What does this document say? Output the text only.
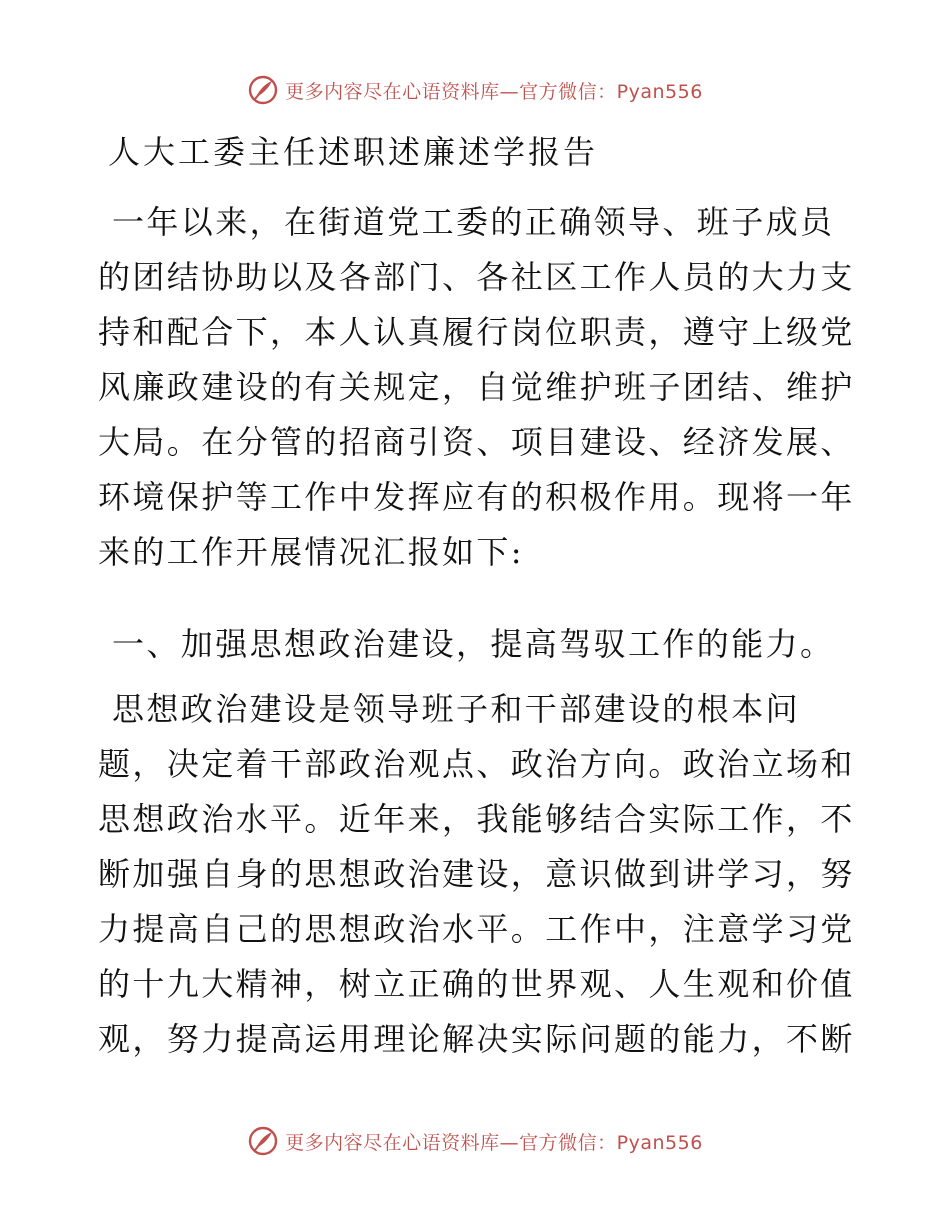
更多内容尽在心语资料库—官方微信：Pyan556
人大工委主任述职述廉述学报告
一年以来，在街道党工委的正确领导、班子成员
的团结协助以及各部门、各社区工作人员的大力支
持和配合下，本人认真履行岗位职责，遵守上级党
风廉政建设的有关规定，自觉维护班子团结、维护
大局。在分管的招商引资、项目建设、经济发展、
环境保护等工作中发挥应有的积极作用。现将一年
来的工作开展情况汇报如下:
一、加强思想政治建设，提高驾驭工作的能力。
思想政治建设是领导班子和干部建设的根本问
题，决定着干部政治观点、政治方向。政治立场和
思想政治水平。近年来，我能够结合实际工作，不
断加强自身的思想政治建设，意识做到讲学习，努
力提高自己的思想政治水平。工作中，注意学习党
的十九大精神，树立正确的世界观、人生观和价值
观，努力提高运用理论解决实际问题的能力，不断
更多内容尽在心语资料库—官方微信：Pyan556
